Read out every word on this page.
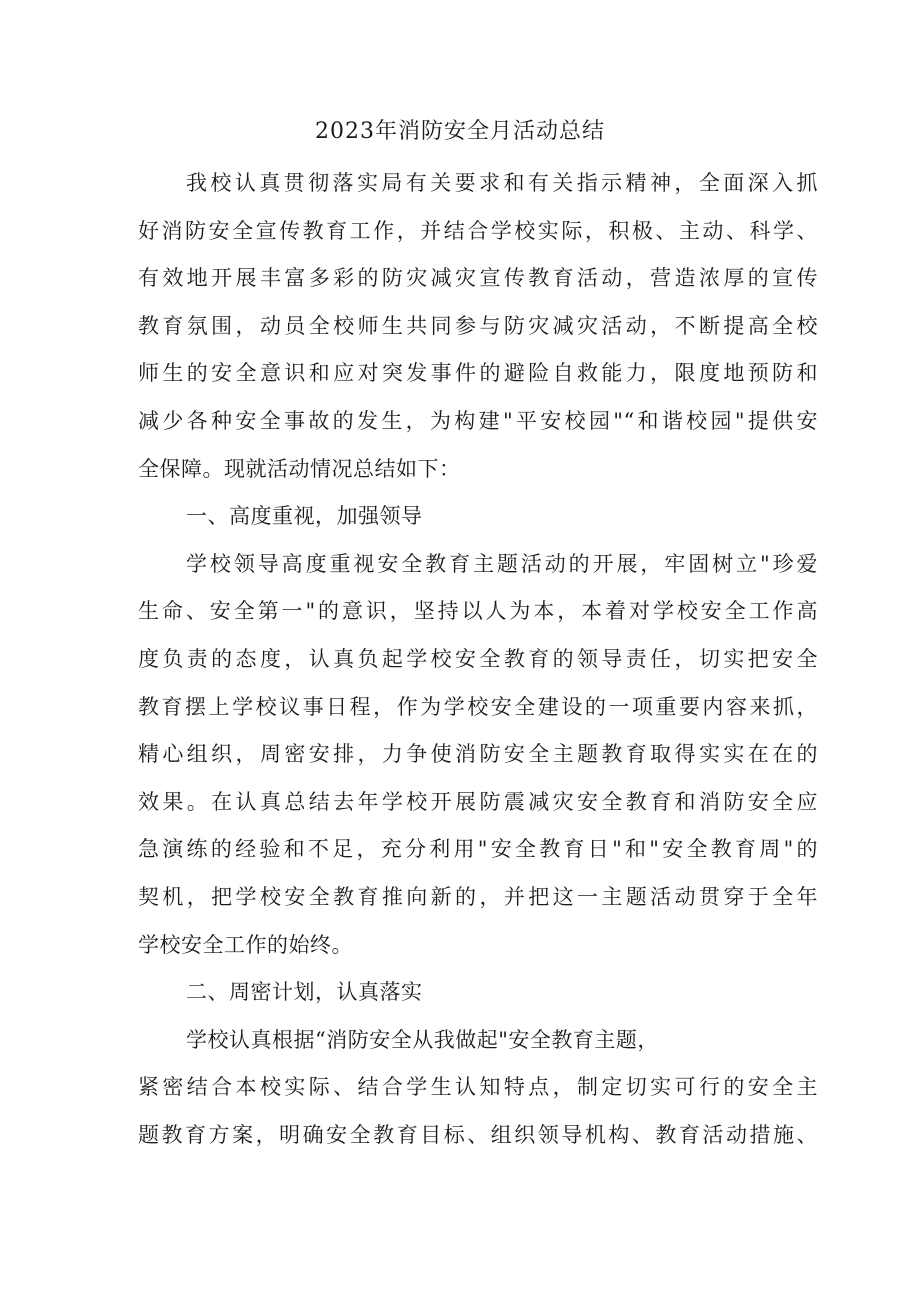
2023年消防安全月活动总结
我校认真贯彻落实局有关要求和有关指示精神，全面深入抓
好消防安全宣传教育工作，并结合学校实际，积极、主动、科学、
有效地开展丰富多彩的防灾减灾宣传教育活动，营造浓厚的宣传
教育氛围，动员全校师生共同参与防灾减灾活动，不断提高全校
师生的安全意识和应对突发事件的避险自救能力，限度地预防和
减少各种安全事故的发生，为构建"平安校园"“和谐校园"提供安
全保障。现就活动情况总结如下：
一、高度重视，加强领导
学校领导高度重视安全教育主题活动的开展，牢固树立"珍爱
生命、安全第一"的意识，坚持以人为本，本着对学校安全工作高
度负责的态度，认真负起学校安全教育的领导责任，切实把安全
教育摆上学校议事日程，作为学校安全建设的一项重要内容来抓，
精心组织，周密安排，力争使消防安全主题教育取得实实在在的
效果。在认真总结去年学校开展防震减灾安全教育和消防安全应
急演练的经验和不足，充分利用"安全教育日"和"安全教育周"的
契机，把学校安全教育推向新的，并把这一主题活动贯穿于全年
学校安全工作的始终。
二、周密计划，认真落实
学校认真根据“消防安全从我做起"安全教育主题，
紧密结合本校实际、结合学生认知特点，制定切实可行的安全主
题教育方案，明确安全教育目标、组织领导机构、教育活动措施、
